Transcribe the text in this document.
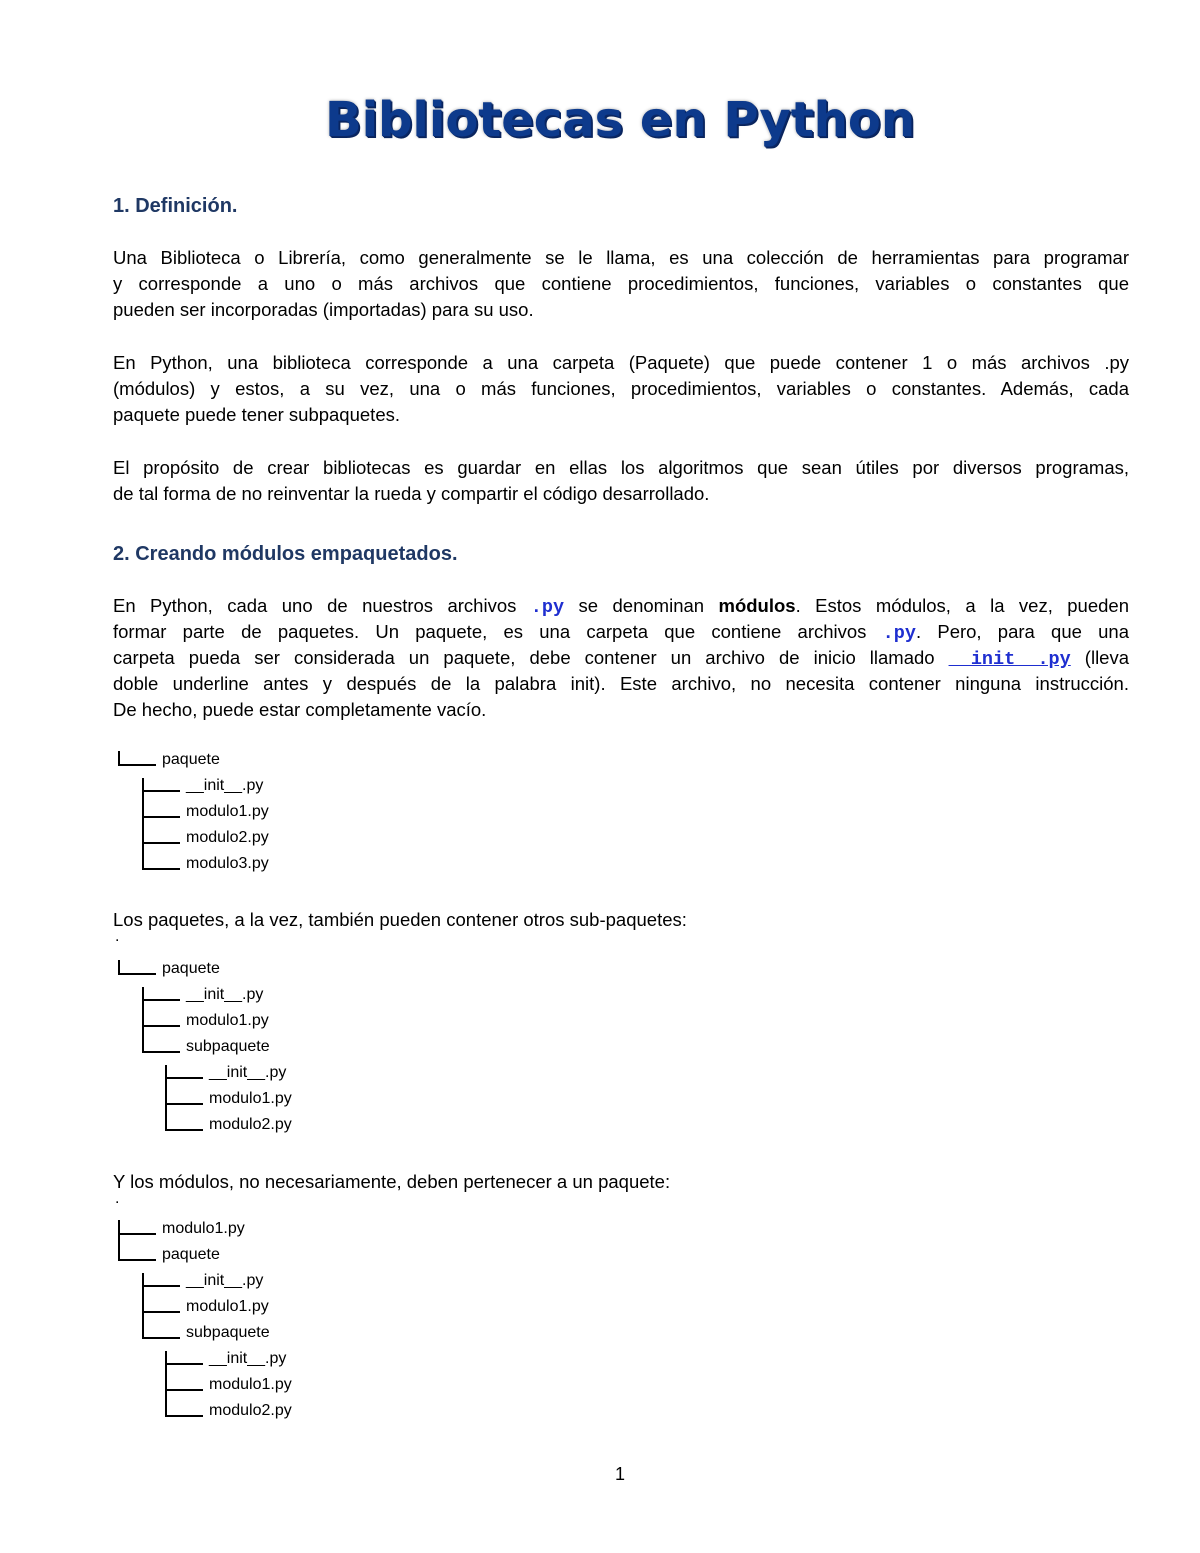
Bibliotecas en Python
1. Definición.
Una Biblioteca o Librería, como generalmente se le llama, es una colección de herramientas para programar
y corresponde a uno o más archivos que contiene procedimientos, funciones, variables o constantes que
pueden ser incorporadas (importadas) para su uso.
En Python, una biblioteca corresponde a una carpeta (Paquete) que puede contener 1 o más archivos .py
(módulos) y estos, a su vez, una o más funciones, procedimientos, variables o constantes. Además, cada
paquete puede tener subpaquetes.
El propósito de crear bibliotecas es guardar en ellas los algoritmos que sean útiles por diversos programas,
de tal forma de no reinventar la rueda y compartir el código desarrollado.
2. Creando módulos empaquetados.
En Python, cada uno de nuestros archivos .py se denominan módulos. Estos módulos, a la vez, pueden
formar parte de paquetes. Un paquete, es una carpeta que contiene archivos .py. Pero, para que una
carpeta pueda ser considerada un paquete, debe contener un archivo de inicio llamado __init__.py (lleva
doble underline antes y después de la palabra init). Este archivo, no necesita contener ninguna instrucción.
De hecho, puede estar completamente vacío.
paquete
__init__.py
modulo1.py
modulo2.py
modulo3.py
Los paquetes, a la vez, también pueden contener otros sub-paquetes:
.
paquete
__init__.py
modulo1.py
subpaquete
__init__.py
modulo1.py
modulo2.py
Y los módulos, no necesariamente, deben pertenecer a un paquete:
.
modulo1.py
paquete
__init__.py
modulo1.py
subpaquete
__init__.py
modulo1.py
modulo2.py
1
